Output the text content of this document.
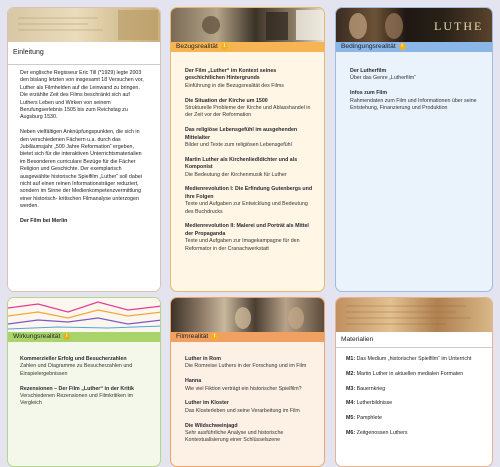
Einleitung

Der englische Regisseur Eric Till (*1929) legte 2003 den bislang letzten von insgesamt 18 Versuchen vor, Luther als Filmhelden auf die Leinwand zu bringen. Die erzählte Zeit des Films beschränkt sich auf Luthers Leben und Wirken von seinem Berufungserlebnis 1505 bis zum Reichstag zu Augsburg 1530.

Neben vielfältigen Anknüpfungspunkten, die sich in den verschiedenen Fächern u.a. durch das Jubiläumsjahr „500 Jahre Reformation“ ergeben, bietet sich für die interaktiven Unterrichtsmaterialien im Besonderen curriculare Bezüge für die Fächer Religion und Geschichte. Der exemplarisch ausgewählte historische Spielfilm „Luther“ soll dabei nicht auf einen reinen Informationsträger reduziert, sondern im Sinne der Medienkompetenzvermittlung einer historisch- kritischen Filmanalyse unterzogen werden.

Der Film bei Merlin

Bezugsrealität i
Der Film „Luther“ im Kontext seines geschichtlichen Hintergrunds
Einführung in die Bezugsrealität des Films
Die Situation der Kirche um 1500
Strukturelle Probleme der Kirche und Ablasshandel in der Zeit vor der Reformation
Das religiöse Lebensgefühl im ausgehenden Mittelalter
Bilder und Texte zum religiösen Lebensgefühl
Martin Luther als Kirchenliedldichter und als Komponist
Die Bedeutung der Kirchenmusik für Luther
Medienrevolution I: Die Erfindung Gutenbergs und ihre Folgen
Texte und Aufgaben zur Entwicklung und Bedeutung des Buchdrucks
Medienrevolution II: Malerei und Porträt als Mittel der Propaganda
Texte und Aufgaben zur Imagekampagne für den Reformator in der Cranachwerkstatt
LUTHE
Bedingungsrealität i
Der Lutherfilm
Über das Genre „Lutherfilm“
Infos zum Film
Rahmendaten zum Film und Informationen über seine Entstehung, Finanzierung und Produktion
Wirkungsrealität i
Kommerzieller Erfolg und Besucherzahlen
Zahlen und Diagramme zu Besucherzahlen und Einspielergebnissen
Rezensionen – Der Film „Luther“ in der Kritik
Verschiedenen Rezensionen und Filmkritiken im Vergleich
Filmrealität i
Luther in Rom
Die Romreise Luthers in der Forschung und im Film
Hanna
Wie viel Fiktion verträgt ein historischer Spielfilm?
Luther im Kloster
Das Klosterleben und seine Verarbeitung im Film
Die Wildschweinjagd
Sehr ausführliche Analyse und historische Kontextualisierung einer Schlüsselszene
Materialien
M1: Das Medium „historischer Spielfilm“ im Unterricht
M2: Martin Luther in aktuellen medialen Formaten
M3: Bauernkrieg
M4: Lutherbildnisse
M5: Pamphlete
M6: Zeitgenossen Luthers
